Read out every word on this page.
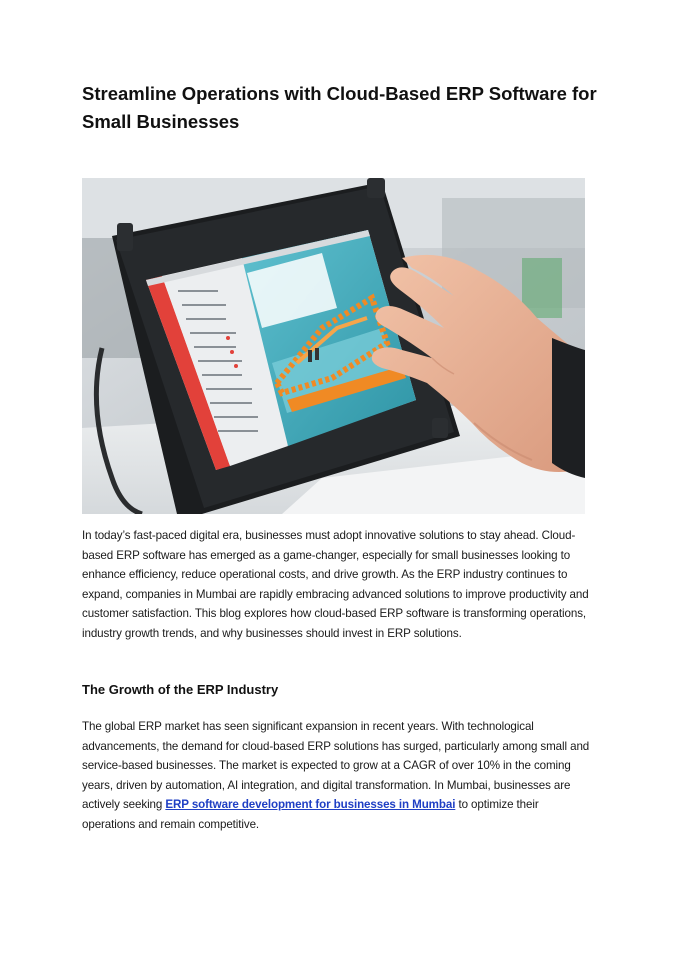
Streamline Operations with Cloud-Based ERP Software for Small Businesses

In today’s fast-paced digital era, businesses must adopt innovative solutions to stay ahead. Cloud-based ERP software has emerged as a game-changer, especially for small businesses looking to enhance efficiency, reduce operational costs, and drive growth. As the ERP industry continues to expand, companies in Mumbai are rapidly embracing advanced solutions to improve productivity and customer satisfaction. This blog explores how cloud-based ERP software is transforming operations, industry growth trends, and why businesses should invest in ERP solutions.

The Growth of the ERP Industry

The global ERP market has seen significant expansion in recent years. With technological advancements, the demand for cloud-based ERP solutions has surged, particularly among small and service-based businesses. The market is expected to grow at a CAGR of over 10% in the coming years, driven by automation, AI integration, and digital transformation. In Mumbai, businesses are actively seeking ERP software development for businesses in Mumbai to optimize their operations and remain competitive.
